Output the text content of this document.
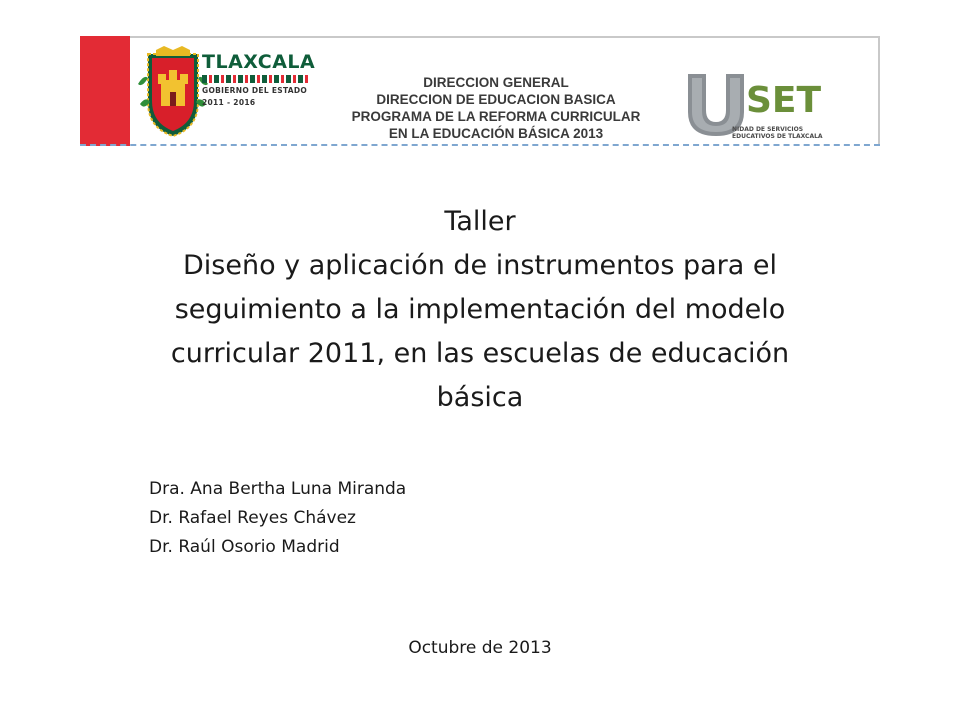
TLAXCALA
GOBIERNO DEL ESTADO
2011 - 2016
DIRECCION GENERAL
DIRECCION DE EDUCACION BASICA
PROGRAMA DE LA REFORMA CURRICULAR
EN LA EDUCACIÓN BÁSICA 2013
SET
NIDAD DE SERVICIOS
EDUCATIVOS DE TLAXCALA
Taller
Diseño y aplicación de instrumentos para el
seguimiento a la implementación del modelo
curricular 2011, en las escuelas de educación
básica
Dra. Ana Bertha Luna Miranda
Dr. Rafael Reyes Chávez
Dr. Raúl Osorio Madrid
Octubre de 2013
